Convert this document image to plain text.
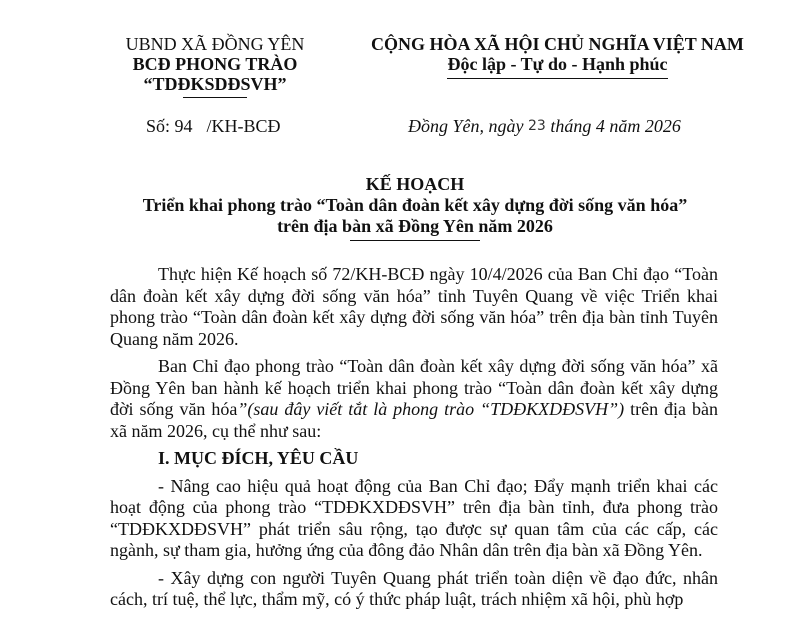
UBND XÃ ĐỒNG YÊN
BCĐ PHONG TRÀO
“TDĐKSDĐSVH”
CỘNG HÒA XÃ HỘI CHỦ NGHĨA VIỆT NAM
Độc lập - Tự do - Hạnh phúc
Số: 94 /KH-BCĐ	Đồng Yên, ngày 23 tháng 4 năm 2026
KẾ HOẠCH
Triển khai phong trào “Toàn dân đoàn kết xây dựng đời sống văn hóa”
trên địa bàn xã Đồng Yên năm 2026

Thực hiện Kế hoạch số 72/KH-BCĐ ngày 10/4/2026 của Ban Chỉ đạo “Toàn dân đoàn kết xây dựng đời sống văn hóa” tỉnh Tuyên Quang về việc Triển khai phong trào “Toàn dân đoàn kết xây dựng đời sống văn hóa” trên địa bàn tỉnh Tuyên Quang năm 2026.

Ban Chỉ đạo phong trào “Toàn dân đoàn kết xây dựng đời sống văn hóa” xã Đồng Yên ban hành kế hoạch triển khai phong trào “Toàn dân đoàn kết xây dựng đời sống văn hóa”(sau đây viết tắt là phong trào “TDĐKXDĐSVH”) trên địa bàn xã năm 2026, cụ thể như sau:

I. MỤC ĐÍCH, YÊU CẦU

- Nâng cao hiệu quả hoạt động của Ban Chỉ đạo; Đẩy mạnh triển khai các hoạt động của phong trào “TDĐKXDĐSVH” trên địa bàn tỉnh, đưa phong trào “TDĐKXDĐSVH” phát triển sâu rộng, tạo được sự quan tâm của các cấp, các ngành, sự tham gia, hưởng ứng của đông đảo Nhân dân trên địa bàn xã Đồng Yên.

- Xây dựng con người Tuyên Quang phát triển toàn diện về đạo đức, nhân cách, trí tuệ, thể lực, thẩm mỹ, có ý thức pháp luật, trách nhiệm xã hội, phù hợp
